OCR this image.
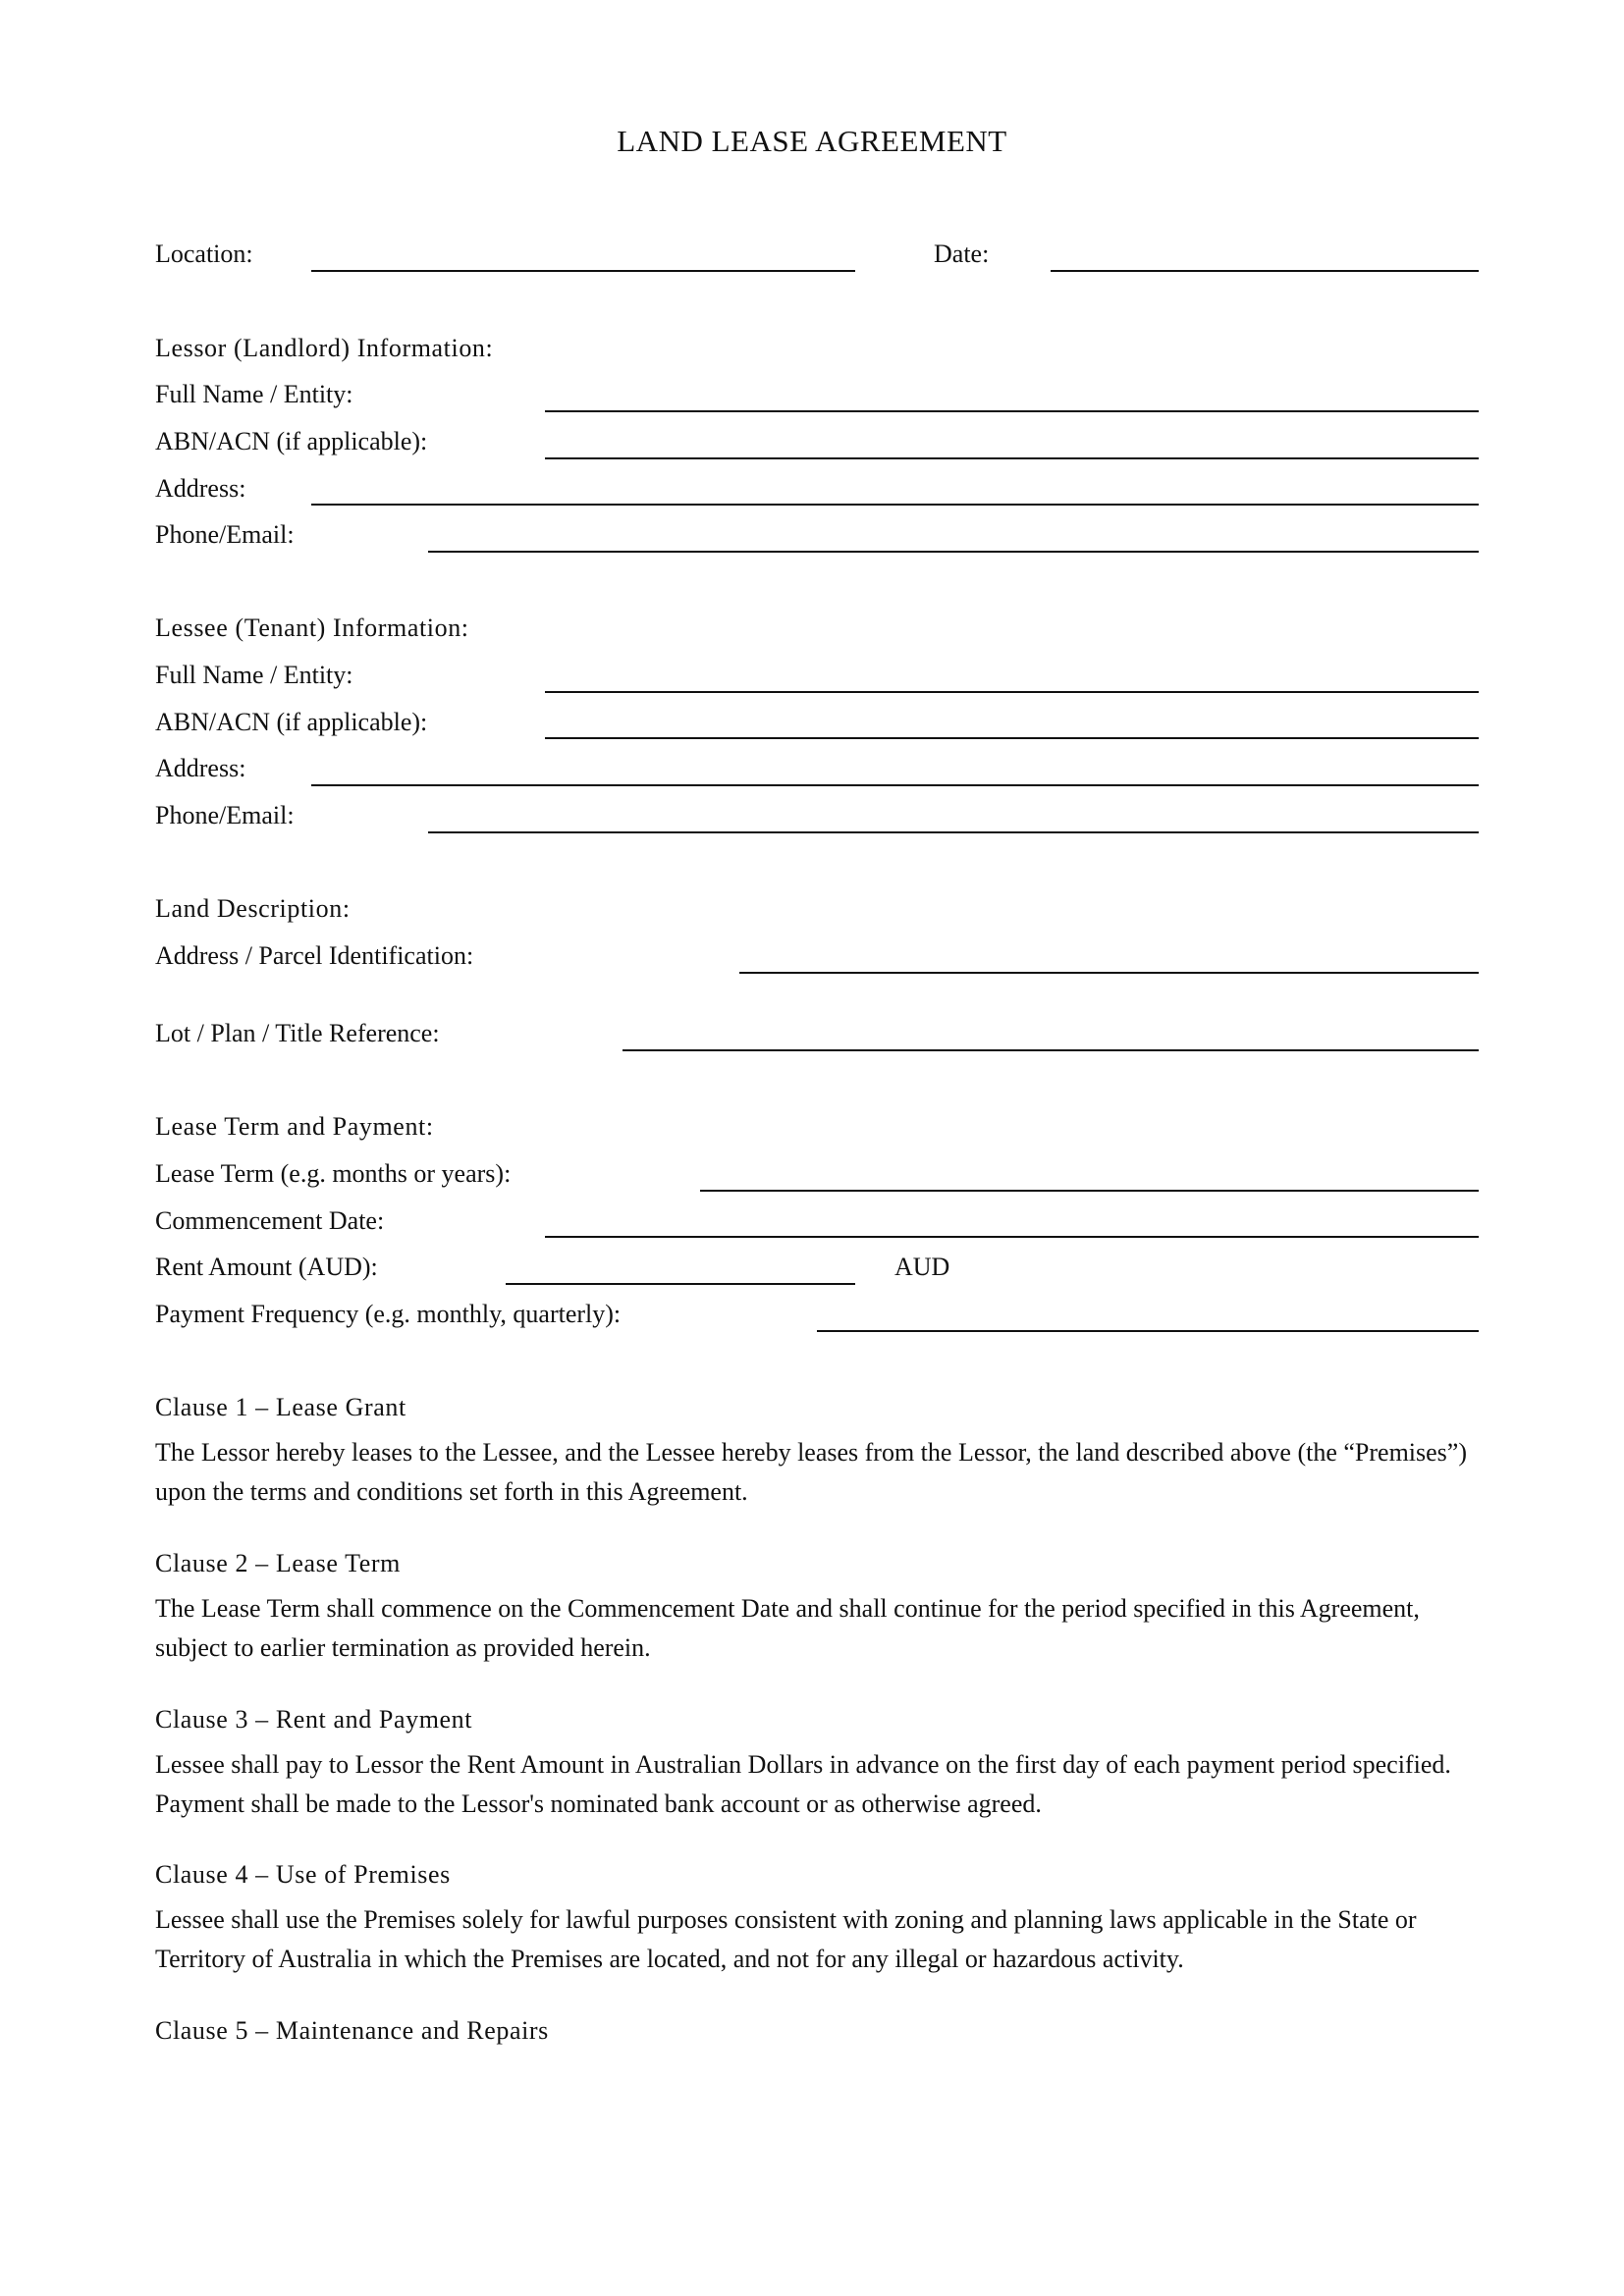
LAND LEASE AGREEMENT
Location:	Date:
Lessor (Landlord) Information:
Full Name / Entity:
ABN/ACN (if applicable):
Address:
Phone/Email:
Lessee (Tenant) Information:
Full Name / Entity:
ABN/ACN (if applicable):
Address:
Phone/Email:
Land Description:
Address / Parcel Identification:
Lot / Plan / Title Reference:
Lease Term and Payment:
Lease Term (e.g. months or years):
Commencement Date:
Rent Amount (AUD):	AUD
Payment Frequency (e.g. monthly, quarterly):
Clause 1 – Lease Grant
The Lessor hereby leases to the Lessee, and the Lessee hereby leases from the Lessor, the land described above (the “Premises”) upon the terms and conditions set forth in this Agreement.
Clause 2 – Lease Term
The Lease Term shall commence on the Commencement Date and shall continue for the period specified in this Agreement, subject to earlier termination as provided herein.
Clause 3 – Rent and Payment
Lessee shall pay to Lessor the Rent Amount in Australian Dollars in advance on the first day of each payment period specified. Payment shall be made to the Lessor's nominated bank account or as otherwise agreed.
Clause 4 – Use of Premises
Lessee shall use the Premises solely for lawful purposes consistent with zoning and planning laws applicable in the State or Territory of Australia in which the Premises are located, and not for any illegal or hazardous activity.
Clause 5 – Maintenance and Repairs
